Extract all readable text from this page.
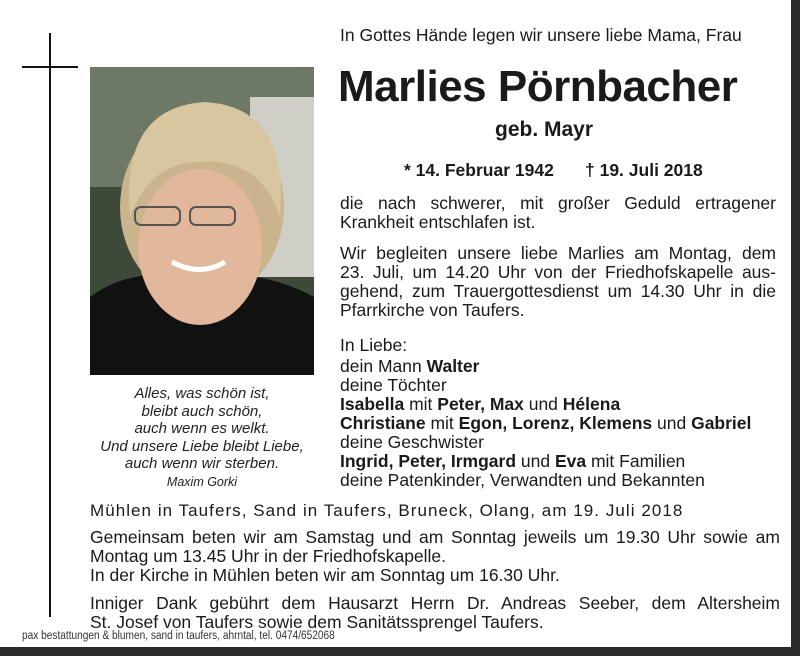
In Gottes Hände legen wir unsere liebe Mama, Frau
Marlies Pörnbacher
geb. Mayr
* 14. Februar 1942 † 19. Juli 2018
die nach schwerer, mit großer Geduld ertragener
Krankheit entschlafen ist.
Wir begleiten unsere liebe Marlies am Montag, dem
23. Juli, um 14.20 Uhr von der Friedhofskapelle aus-
gehend, zum Trauergottesdienst um 14.30 Uhr in die
Pfarrkirche von Taufers.
In Liebe:
dein Mann Walter
deine Töchter
Isabella mit Peter, Max und Hélena
Christiane mit Egon, Lorenz, Klemens und Gabriel
deine Geschwister
Ingrid, Peter, Irmgard und Eva mit Familien
deine Patenkinder, Verwandten und Bekannten
Alles, was schön ist,
bleibt auch schön,
auch wenn es welkt.
Und unsere Liebe bleibt Liebe,
auch wenn wir sterben.
Maxim Gorki
Mühlen in Taufers, Sand in Taufers, Bruneck, Olang, am 19. Juli 2018
Gemeinsam beten wir am Samstag und am Sonntag jeweils um 19.30 Uhr sowie am
Montag um 13.45 Uhr in der Friedhofskapelle.
In der Kirche in Mühlen beten wir am Sonntag um 16.30 Uhr.
Inniger Dank gebührt dem Hausarzt Herrn Dr. Andreas Seeber, dem Altersheim
St. Josef von Taufers sowie dem Sanitätssprengel Taufers.
pax bestattungen & blumen, sand in taufers, ahrntal, tel. 0474/652068
